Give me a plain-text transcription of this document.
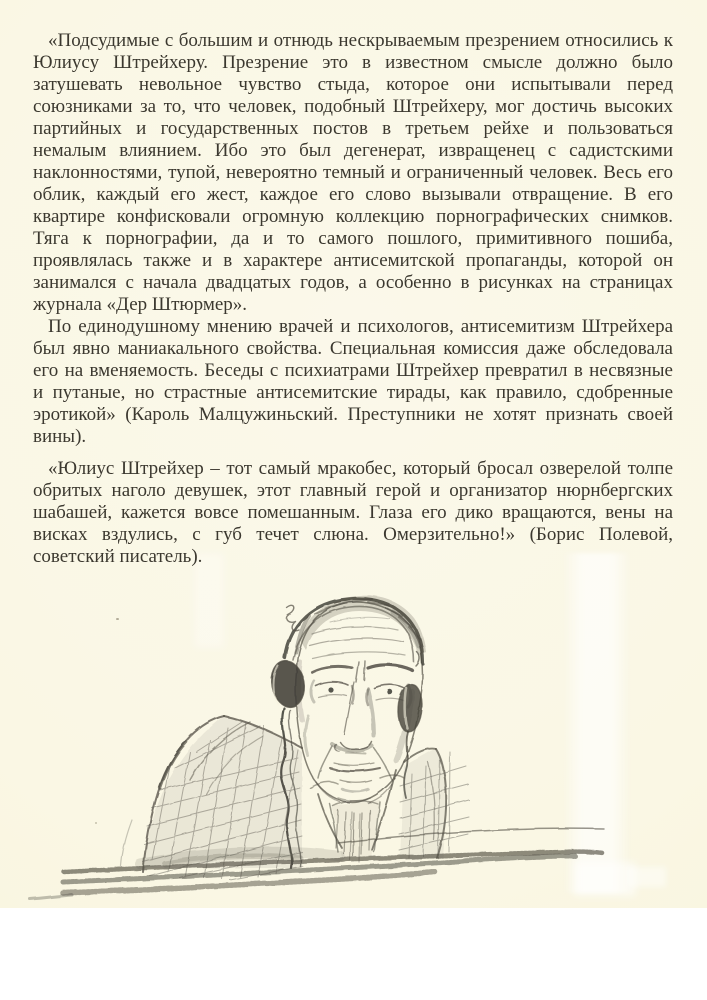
«Подсудимые с большим и отнюдь нескрываемым презрением относились к Юлиусу Штрейхеру. Презрение это в известном смысле должно было затушевать невольное чувство стыда, которое они испытывали перед союзниками за то, что человек, подобный Штрейхеру, мог достичь высоких партийных и государственных постов в третьем рейхе и пользоваться немалым влиянием. Ибо это был дегенерат, извращенец с садистскими наклонностями, тупой, невероятно темный и ограниченный человек. Весь его облик, каждый его жест, каждое его слово вызывали отвращение. В его квартире конфисковали огромную коллекцию порнографических снимков. Тяга к порнографии, да и то самого пошлого, примитивного пошиба, проявлялась также и в характере антисемитской пропаганды, которой он занимался с начала двадцатых годов, а особенно в рисунках на страницах журнала «Дер Штюрмер».

По единодушному мнению врачей и психологов, антисемитизм Штрейхера был явно маниакального свойства. Специальная комиссия даже обследовала его на вменяемость. Беседы с психиатрами Штрейхер превратил в несвязные и путаные, но страстные антисемитские тирады, как правило, сдобренные эротикой» (Кароль Малцужиньский. Преступники не хотят признать своей вины).

«Юлиус Штрейхер – тот самый мракобес, который бросал озверелой толпе обритых наголо девушек, этот главный герой и организатор нюрнбергских шабашей, кажется вовсе помешанным. Глаза его дико вращаются, вены на висках вздулись, с губ течет слюна. Омерзительно!» (Борис Полевой, советский писатель).
